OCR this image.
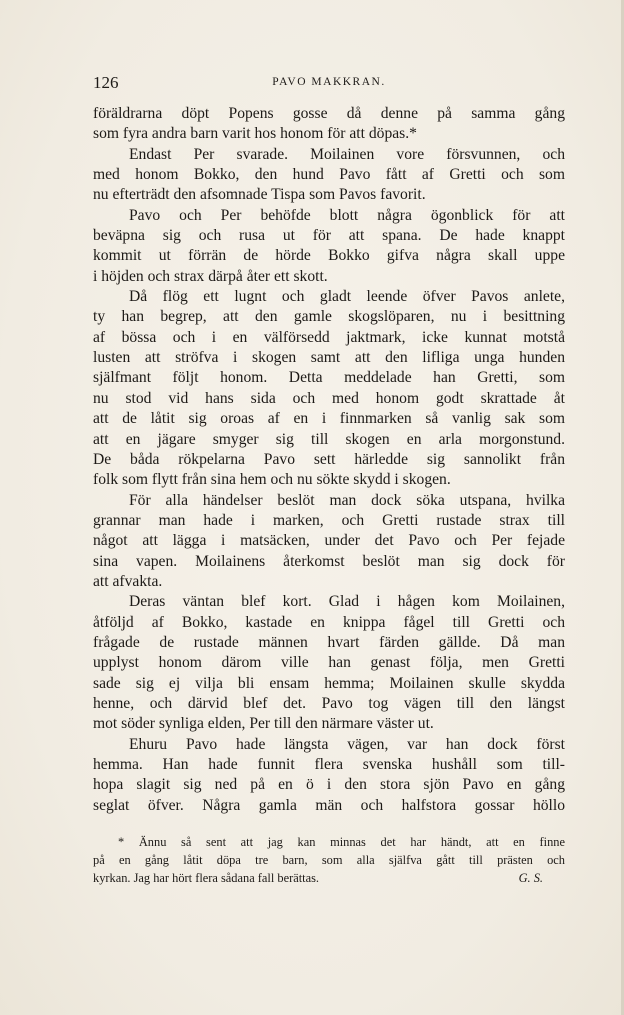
126	PAVO MAKKRAN.
föräldrarna döpt Popens gosse då denne på samma gång
som fyra andra barn varit hos honom för att döpas.*
Endast Per svarade. Moilainen vore försvunnen, och
med honom Bokko, den hund Pavo fått af Gretti och som
nu efterträdt den afsomnade Tispa som Pavos favorit.
Pavo och Per behöfde blott några ögonblick för att
beväpna sig och rusa ut för att spana. De hade knappt
kommit ut förrän de hörde Bokko gifva några skall uppe
i höjden och strax därpå åter ett skott.
Då flög ett lugnt och gladt leende öfver Pavos anlete,
ty han begrep, att den gamle skogslöparen, nu i besittning
af bössa och i en välförsedd jaktmark, icke kunnat motstå
lusten att ströfva i skogen samt att den lifliga unga hunden
själfmant följt honom. Detta meddelade han Gretti, som
nu stod vid hans sida och med honom godt skrattade åt
att de låtit sig oroas af en i finnmarken så vanlig sak som
att en jägare smyger sig till skogen en arla morgonstund.
De båda rökpelarna Pavo sett härledde sig sannolikt från
folk som flytt från sina hem och nu sökte skydd i skogen.
För alla händelser beslöt man dock söka utspana, hvilka
grannar man hade i marken, och Gretti rustade strax till
något att lägga i matsäcken, under det Pavo och Per fejade
sina vapen. Moilainens återkomst beslöt man sig dock för
att afvakta.
Deras väntan blef kort. Glad i hågen kom Moilainen,
åtföljd af Bokko, kastade en knippa fågel till Gretti och
frågade de rustade männen hvart färden gällde. Då man
upplyst honom därom ville han genast följa, men Gretti
sade sig ej vilja bli ensam hemma; Moilainen skulle skydda
henne, och därvid blef det. Pavo tog vägen till den längst
mot söder synliga elden, Per till den närmare väster ut.
Ehuru Pavo hade längsta vägen, var han dock först
hemma. Han hade funnit flera svenska hushåll som till-
hopa slagit sig ned på en ö i den stora sjön Pavo en gång
seglat öfver. Några gamla män och halfstora gossar höllo
* Ännu så sent att jag kan minnas det har händt, att en finne
på en gång låtit döpa tre barn, som alla själfva gått till prästen och
kyrkan. Jag har hört flera sådana fall berättas.	G. S.
